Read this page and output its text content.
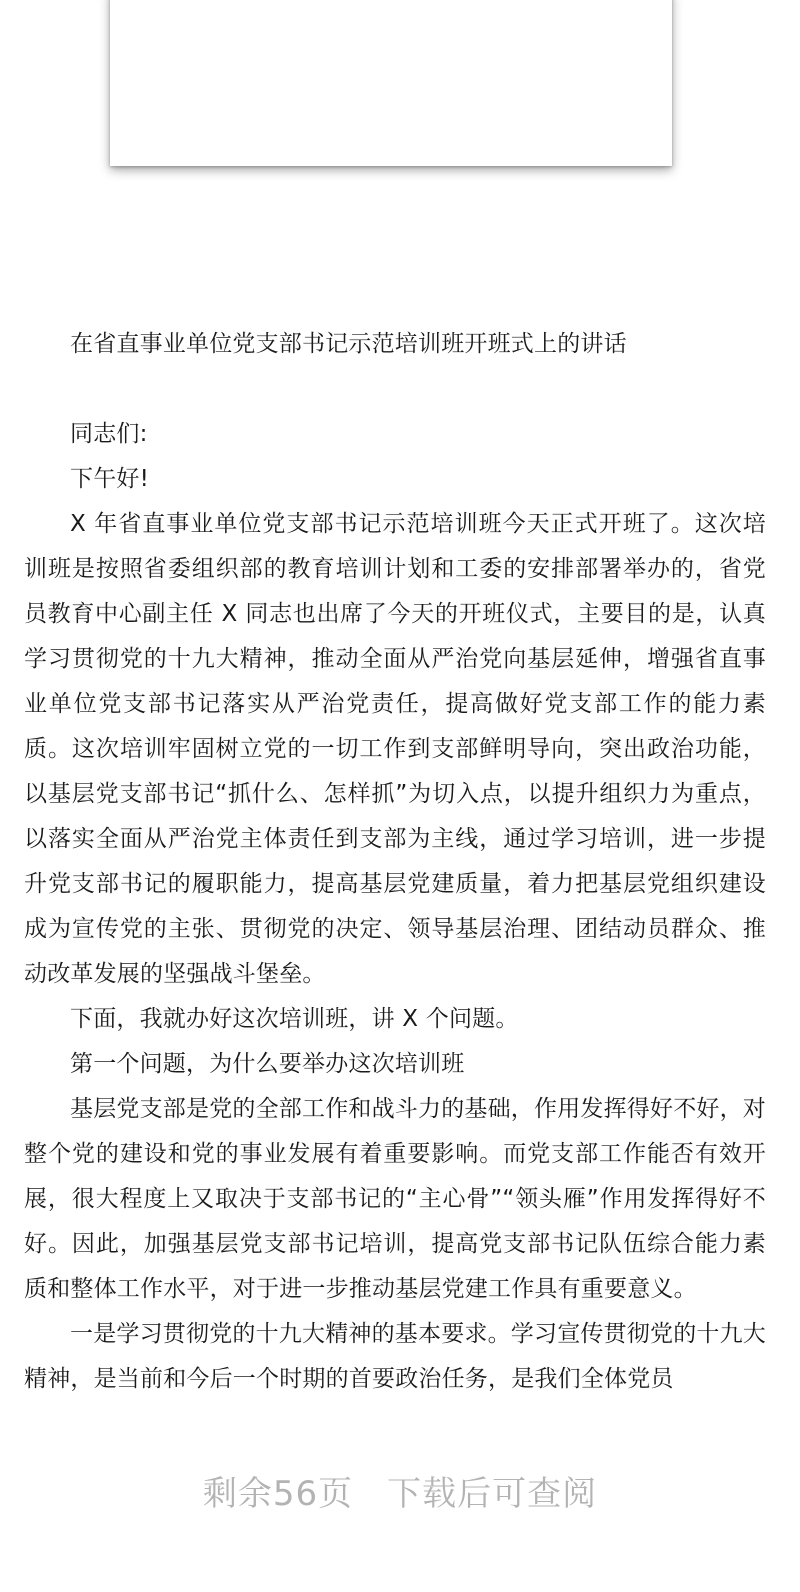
在省直事业单位党支部书记示范培训班开班式上的讲话

同志们:

下午好!

X 年省直事业单位党支部书记示范培训班今天正式开班了。这次培训班是按照省委组织部的教育培训计划和工委的安排部署举办的，省党员教育中心副主任 X 同志也出席了今天的开班仪式，主要目的是，认真学习贯彻党的十九大精神，推动全面从严治党向基层延伸，增强省直事业单位党支部书记落实从严治党责任，提高做好党支部工作的能力素质。这次培训牢固树立党的一切工作到支部鲜明导向，突出政治功能，以基层党支部书记“抓什么、怎样抓”为切入点，以提升组织力为重点，以落实全面从严治党主体责任到支部为主线，通过学习培训，进一步提升党支部书记的履职能力，提高基层党建质量，着力把基层党组织建设成为宣传党的主张、贯彻党的决定、领导基层治理、团结动员群众、推动改革发展的坚强战斗堡垒。

下面，我就办好这次培训班，讲 X 个问题。

第一个问题，为什么要举办这次培训班

基层党支部是党的全部工作和战斗力的基础，作用发挥得好不好，对整个党的建设和党的事业发展有着重要影响。而党支部工作能否有效开展，很大程度上又取决于支部书记的“主心骨”“领头雁”作用发挥得好不好。因此，加强基层党支部书记培训，提高党支部书记队伍综合能力素质和整体工作水平，对于进一步推动基层党建工作具有重要意义。

一是学习贯彻党的十九大精神的基本要求。学习宣传贯彻党的十九大精神，是当前和今后一个时期的首要政治任务，是我们全体党员

剩余56页 下载后可查阅
